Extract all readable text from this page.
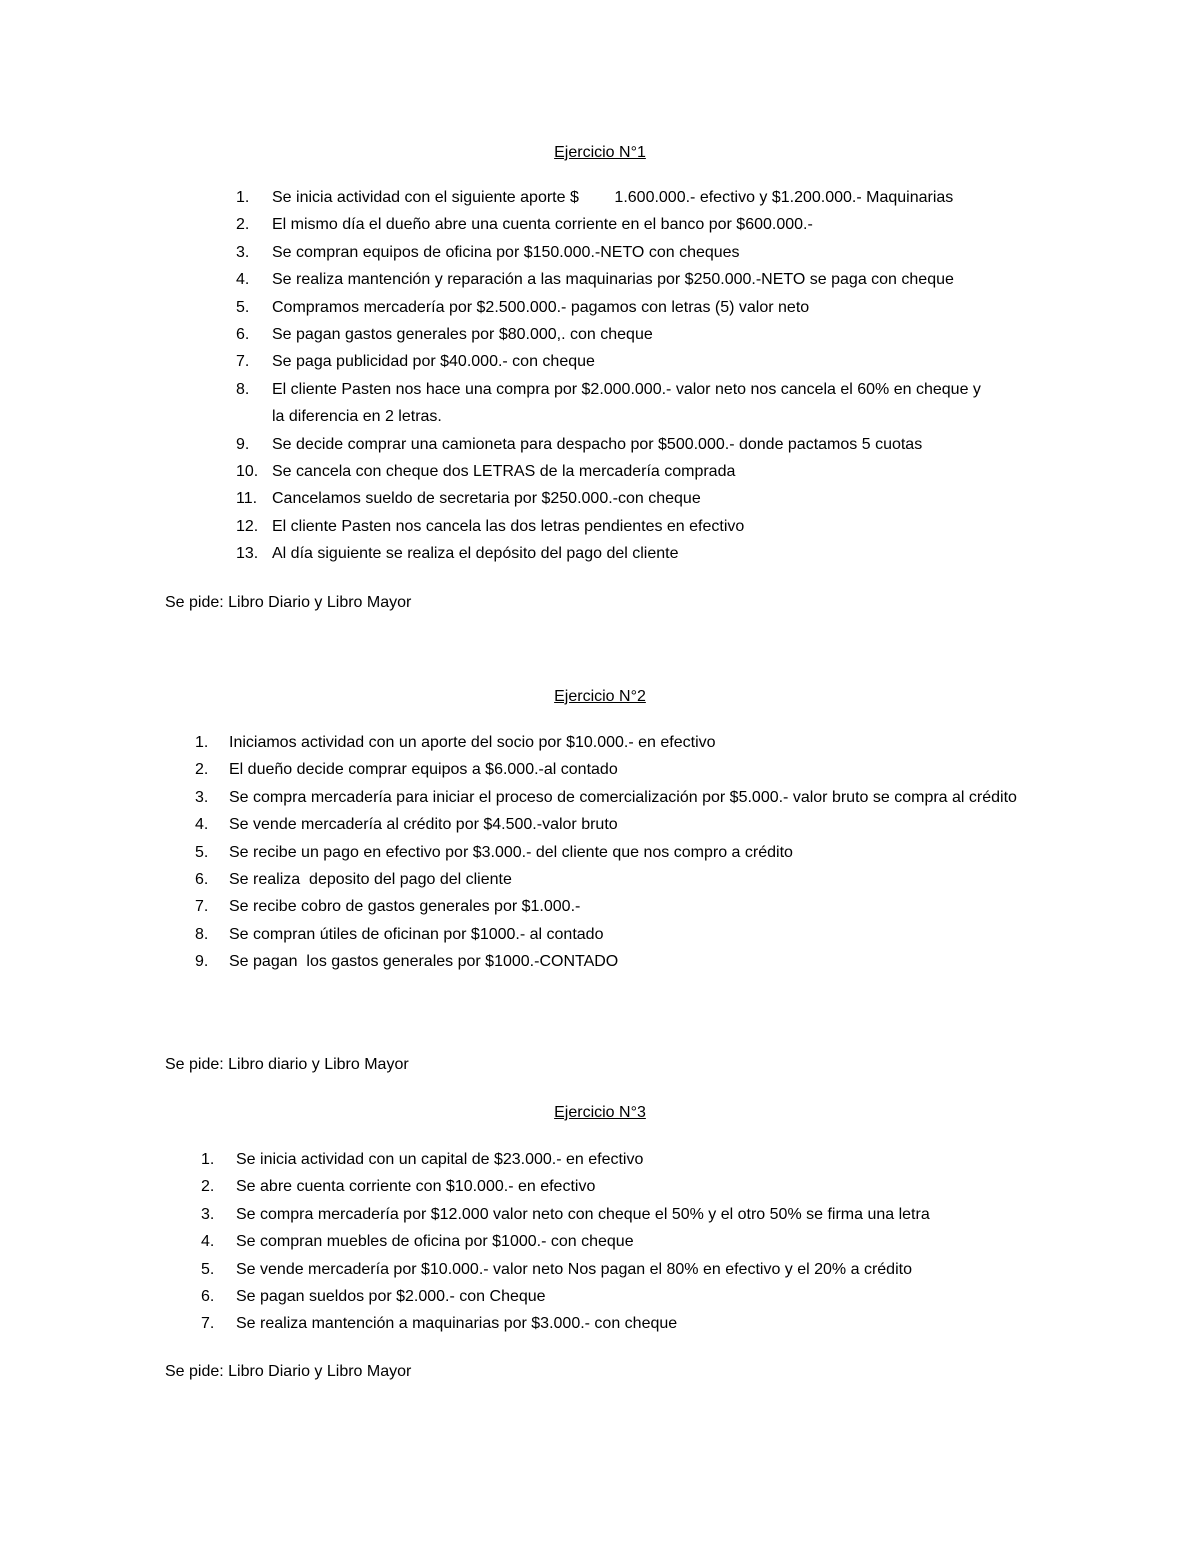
Ejercicio N°1
1. Se inicia actividad con el siguiente aporte $        1.600.000.- efectivo y $1.200.000.- Maquinarias
2. El mismo día el dueño abre una cuenta corriente en el banco por $600.000.-
3. Se compran equipos de oficina por $150.000.-NETO con cheques
4. Se realiza mantención y reparación a las maquinarias por $250.000.-NETO se paga con cheque
5. Compramos mercadería por $2.500.000.- pagamos con letras (5) valor neto
6. Se pagan gastos generales por $80.000,. con cheque
7. Se paga publicidad por $40.000.- con cheque
8. El cliente Pasten nos hace una compra por $2.000.000.- valor neto nos cancela el 60% en cheque y la diferencia en 2 letras.
9. Se decide comprar una camioneta para despacho por $500.000.- donde pactamos 5 cuotas
10. Se cancela con cheque dos LETRAS de la mercadería comprada
11. Cancelamos sueldo de secretaria por $250.000.-con cheque
12. El cliente Pasten nos cancela las dos letras pendientes en efectivo
13. Al día siguiente se realiza el depósito del pago del cliente

Se pide: Libro Diario y Libro Mayor

Ejercicio N°2
1. Iniciamos actividad con un aporte del socio por $10.000.- en efectivo
2. El dueño decide comprar equipos a $6.000.-al contado
3. Se compra mercadería para iniciar el proceso de comercialización por $5.000.- valor bruto se compra al crédito
4. Se vende mercadería al crédito por $4.500.-valor bruto
5. Se recibe un pago en efectivo por $3.000.- del cliente que nos compro a crédito
6. Se realiza  deposito del pago del cliente
7. Se recibe cobro de gastos generales por $1.000.-
8. Se compran útiles de oficinan por $1000.- al contado
9. Se pagan  los gastos generales por $1000.-CONTADO

Se pide: Libro diario y Libro Mayor

Ejercicio N°3
1. Se inicia actividad con un capital de $23.000.- en efectivo
2. Se abre cuenta corriente con $10.000.- en efectivo
3. Se compra mercadería por $12.000 valor neto con cheque el 50% y el otro 50% se firma una letra
4. Se compran muebles de oficina por $1000.- con cheque
5. Se vende mercadería por $10.000.- valor neto Nos pagan el 80% en efectivo y el 20% a crédito
6. Se pagan sueldos por $2.000.- con Cheque
7. Se realiza mantención a maquinarias por $3.000.- con cheque

Se pide: Libro Diario y Libro Mayor
